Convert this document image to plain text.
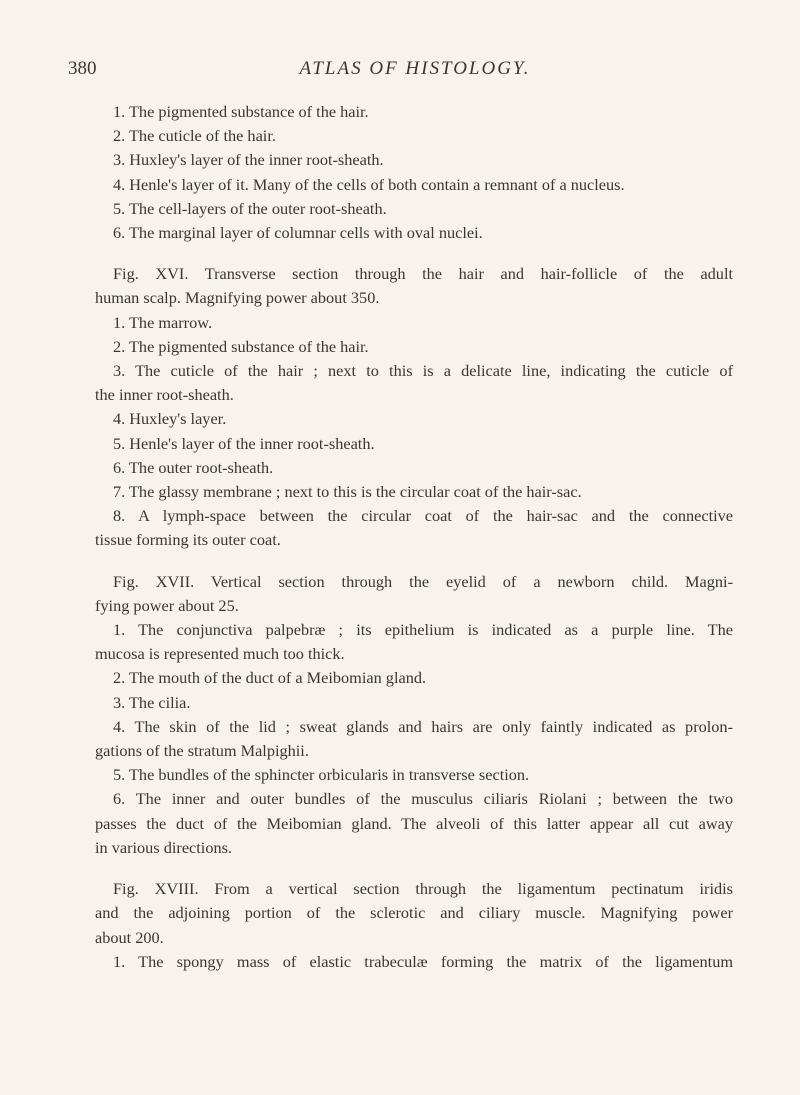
380	ATLAS OF HISTOLOGY.
1. The pigmented substance of the hair.
2. The cuticle of the hair.
3. Huxley's layer of the inner root-sheath.
4. Henle's layer of it. Many of the cells of both contain a remnant of a nucleus.
5. The cell-layers of the outer root-sheath.
6. The marginal layer of columnar cells with oval nuclei.
Fig. XVI. Transverse section through the hair and hair-follicle of the adult
human scalp. Magnifying power about 350.
1. The marrow.
2. The pigmented substance of the hair.
3. The cuticle of the hair ; next to this is a delicate line, indicating the cuticle of
the inner root-sheath.
4. Huxley's layer.
5. Henle's layer of the inner root-sheath.
6. The outer root-sheath.
7. The glassy membrane ; next to this is the circular coat of the hair-sac.
8. A lymph-space between the circular coat of the hair-sac and the connective
tissue forming its outer coat.
Fig. XVII. Vertical section through the eyelid of a newborn child. Magni-
fying power about 25.
1. The conjunctiva palpebræ ; its epithelium is indicated as a purple line. The
mucosa is represented much too thick.
2. The mouth of the duct of a Meibomian gland.
3. The cilia.
4. The skin of the lid ; sweat glands and hairs are only faintly indicated as prolon-
gations of the stratum Malpighii.
5. The bundles of the sphincter orbicularis in transverse section.
6. The inner and outer bundles of the musculus ciliaris Riolani ; between the two
passes the duct of the Meibomian gland. The alveoli of this latter appear all cut away
in various directions.
Fig. XVIII. From a vertical section through the ligamentum pectinatum iridis
and the adjoining portion of the sclerotic and ciliary muscle. Magnifying power
about 200.
1. The spongy mass of elastic trabeculæ forming the matrix of the ligamentum
